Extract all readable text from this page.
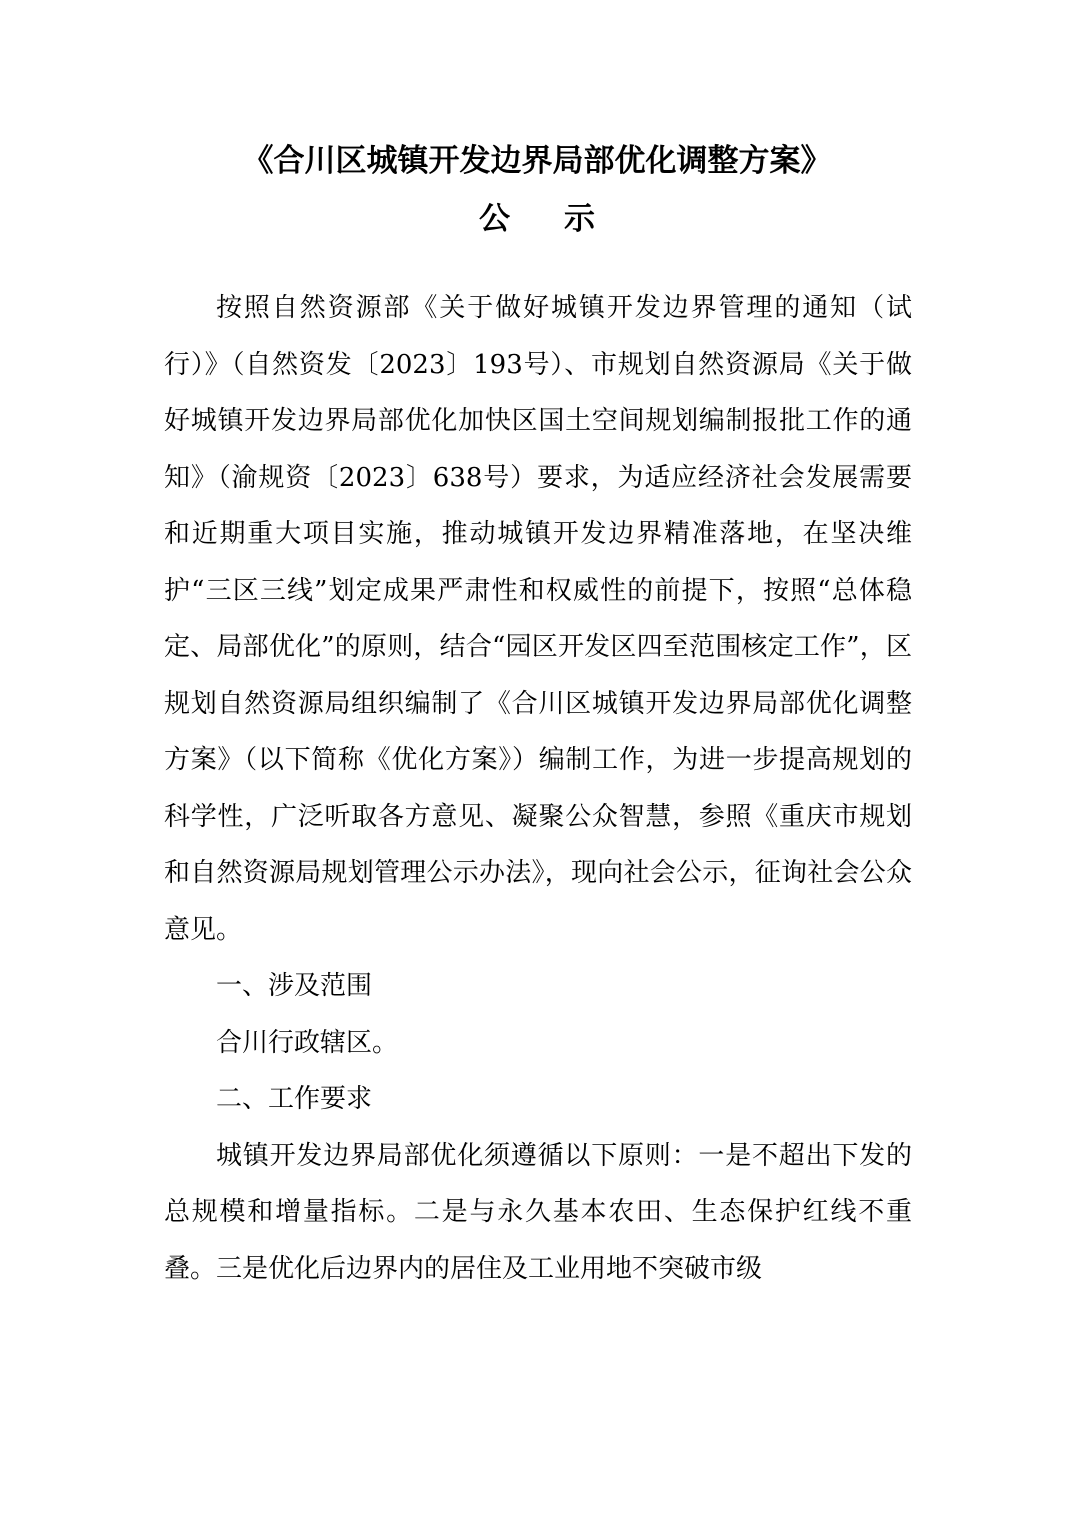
《合川区城镇开发边界局部优化调整方案》
公 示

按照自然资源部《关于做好城镇开发边界管理的通知（试行）》（自然资发〔2023〕193号）、市规划自然资源局《关于做好城镇开发边界局部优化加快区国土空间规划编制报批工作的通知》（渝规资〔2023〕638号）要求，为适应经济社会发展需要和近期重大项目实施，推动城镇开发边界精准落地，在坚决维护“三区三线”划定成果严肃性和权威性的前提下，按照“总体稳定、局部优化”的原则，结合“园区开发区四至范围核定工作”，区规划自然资源局组织编制了《合川区城镇开发边界局部优化调整方案》（以下简称《优化方案》）编制工作，为进一步提高规划的科学性，广泛听取各方意见、凝聚公众智慧，参照《重庆市规划和自然资源局规划管理公示办法》，现向社会公示，征询社会公众意见。

一、涉及范围

合川行政辖区。

二、工作要求

城镇开发边界局部优化须遵循以下原则：一是不超出下发的总规模和增量指标。二是与永久基本农田、生态保护红线不重叠。三是优化后边界内的居住及工业用地不突破市级
